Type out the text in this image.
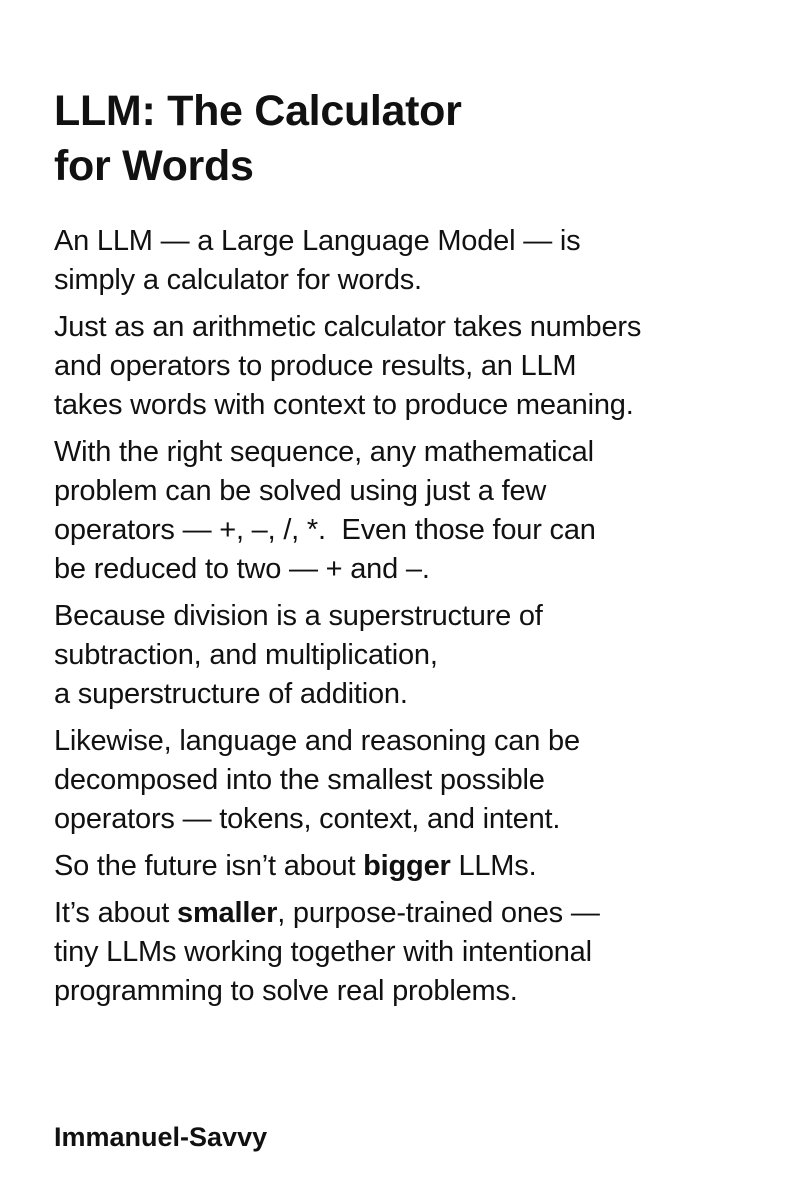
LLM: The Calculator
for Words

An LLM — a Large Language Model — is
simply a calculator for words.

Just as an arithmetic calculator takes numbers
and operators to produce results, an LLM
takes words with context to produce meaning.

With the right sequence, any mathematical
problem can be solved using just a few
operators — +, –, /, *.  Even those four can
be reduced to two — + and –.

Because division is a superstructure of
subtraction, and multiplication,
a superstructure of addition.

Likewise, language and reasoning can be
decomposed into the smallest possible
operators — tokens, context, and intent.

So the future isn’t about bigger LLMs.

It’s about smaller, purpose-trained ones —
tiny LLMs working together with intentional
programming to solve real problems.

Immanuel-Savvy
